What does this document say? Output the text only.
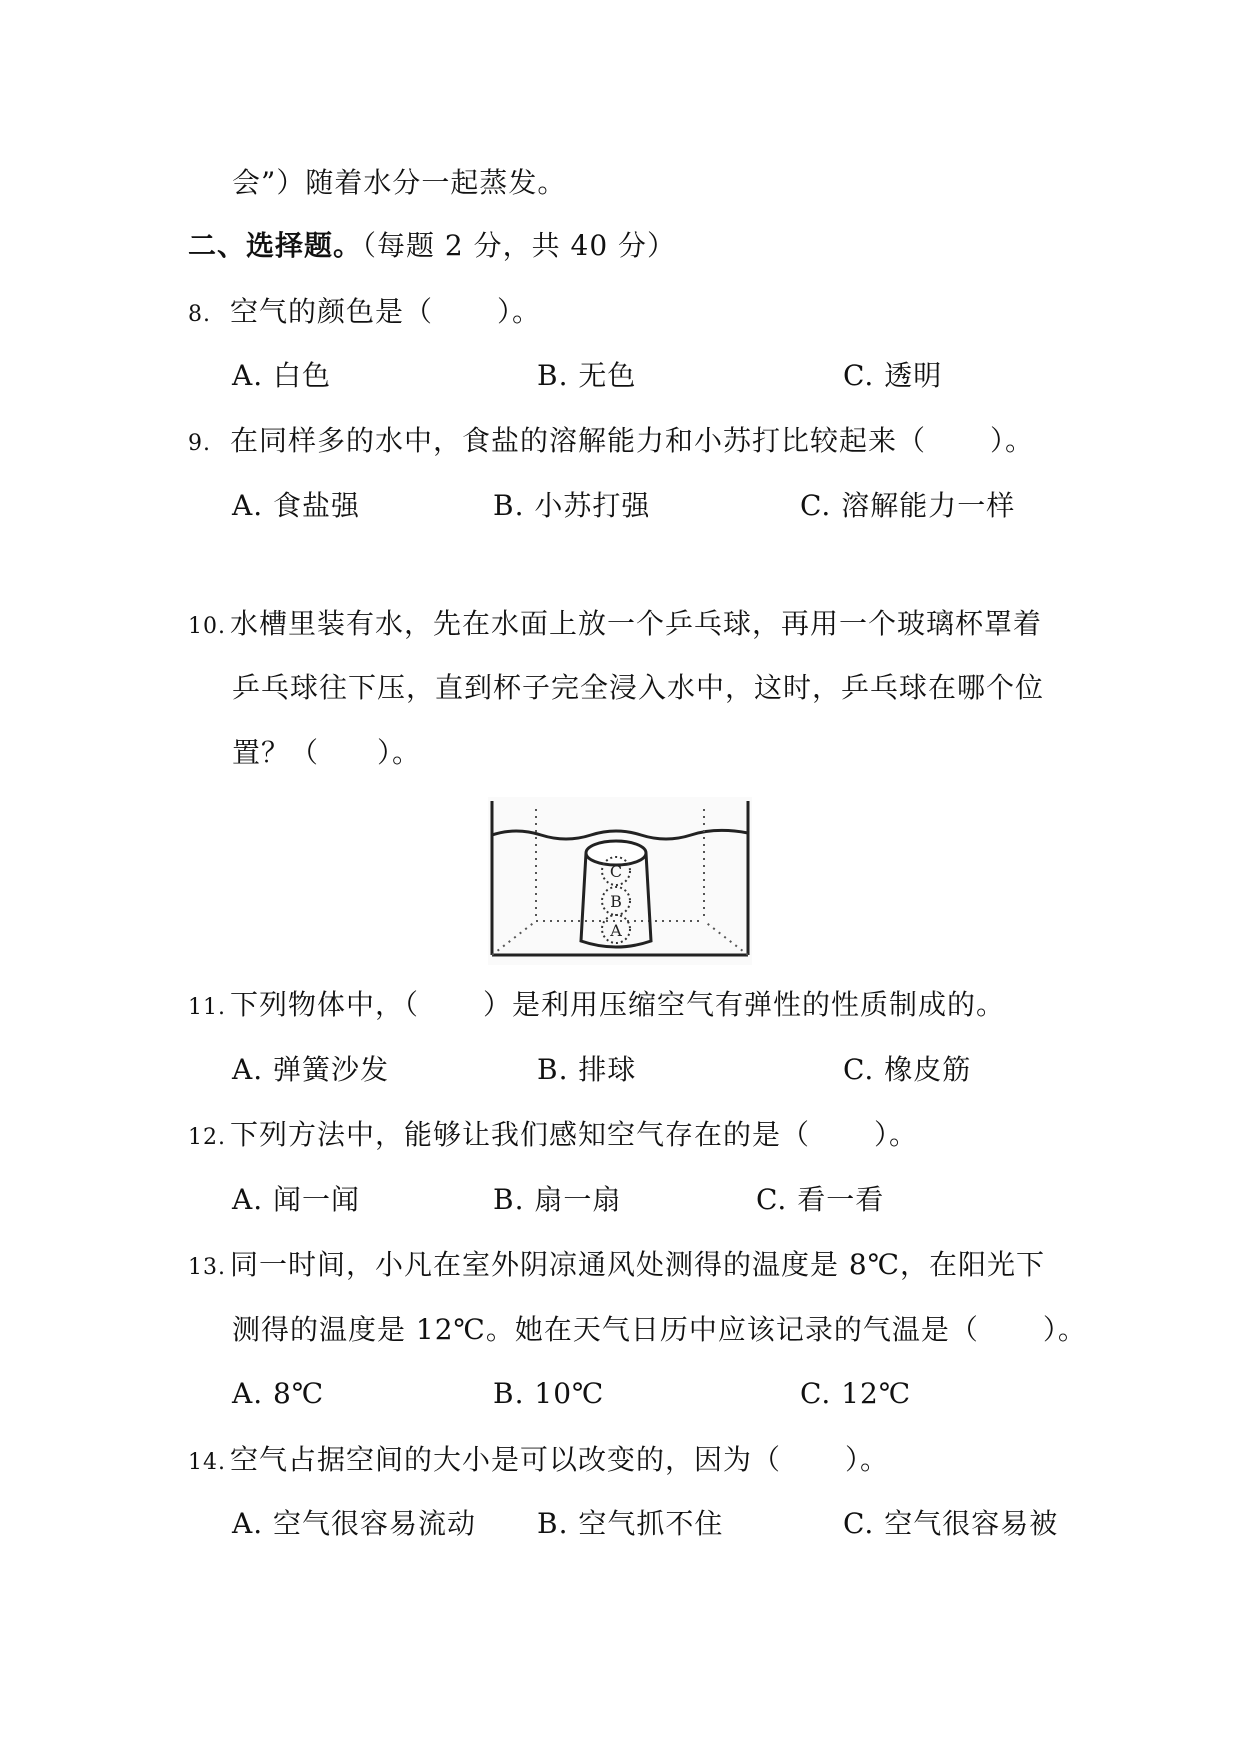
会”）随着水分一起蒸发。
二、选择题。（每题 2 分，共 40 分）
8. 空气的颜色是（ ）。
A. 白色	B. 无色	C. 透明
9. 在同样多的水中，食盐的溶解能力和小苏打比较起来（ ）。
A. 食盐强	B. 小苏打强	C. 溶解能力一样
10. 水槽里装有水，先在水面上放一个乒乓球，再用一个玻璃杯罩着
乒乓球往下压，直到杯子完全浸入水中，这时，乒乓球在哪个位
置？（　　）。
C
B
A
11. 下列物体中，（ ）是利用压缩空气有弹性的性质制成的。
A. 弹簧沙发	B. 排球	C. 橡皮筋
12. 下列方法中，能够让我们感知空气存在的是（ ）。
A. 闻一闻	B. 扇一扇	C. 看一看
13. 同一时间，小凡在室外阴凉通风处测得的温度是 8℃，在阳光下
测得的温度是 12℃。她在天气日历中应该记录的气温是（ ）。
A. 8℃	B. 10℃	C. 12℃
14. 空气占据空间的大小是可以改变的，因为（ ）。
A. 空气很容易流动 B. 空气抓不住	C. 空气很容易被
